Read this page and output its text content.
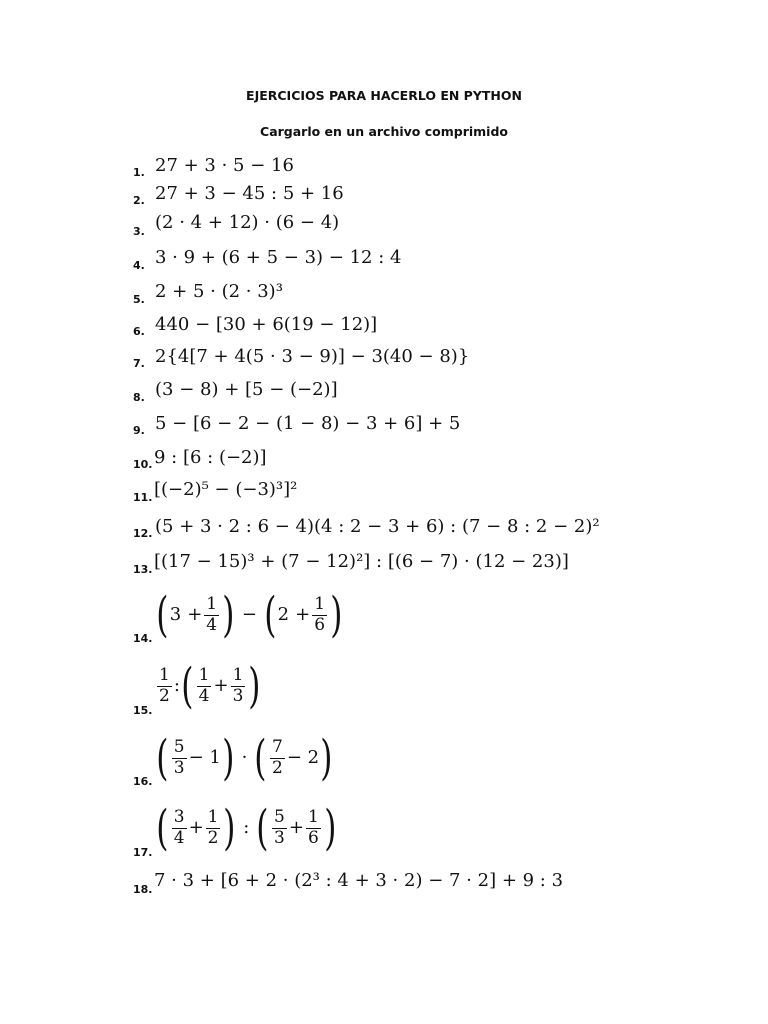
EJERCICIOS PARA HACERLO EN PYTHON
Cargarlo en un archivo comprimido
1. 27 + 3 · 5 − 16
2. 27 + 3 − 45 : 5 + 16
3. (2 · 4 + 12) · (6 − 4)
4. 3 · 9 + (6 + 5 − 3) − 12 : 4
5. 2 + 5 · (2 · 3)³
6. 440 − [30 + 6(19 − 12)]
7. 2{4[7 + 4(5 · 3 − 9)] − 3(40 − 8)}
8. (3 − 8) + [5 − (−2)]
9. 5 − [6 − 2 − (1 − 8) − 3 + 6] + 5
10. 9 : [6 : (−2)]
11. [(−2)⁵ − (−3)³]²
12. (5 + 3 · 2 : 6 − 4)(4 : 2 − 3 + 6) : (7 − 8 : 2 − 2)²
13. [(17 − 15)³ + (7 − 12)²] : [(6 − 7) · (12 − 23)]
14. ( $3 + \frac{1}{4}$ ) − ( $2 + \frac{1}{6}$ )
15.
$\frac{1}{2}$ : ( $\frac{1}{4} + \frac{1}{3}$ )
16. ( $\frac{5}{3} - 1$ ) · ( $\frac{7}{2} - 2$ )
17. ( $\frac{3}{4} + \frac{1}{2}$ ) : ( $\frac{5}{3} + \frac{1}{6}$ )
18. 7 · 3 + [6 + 2 · (2³ : 4 + 3 · 2) − 7 · 2] + 9 : 3
